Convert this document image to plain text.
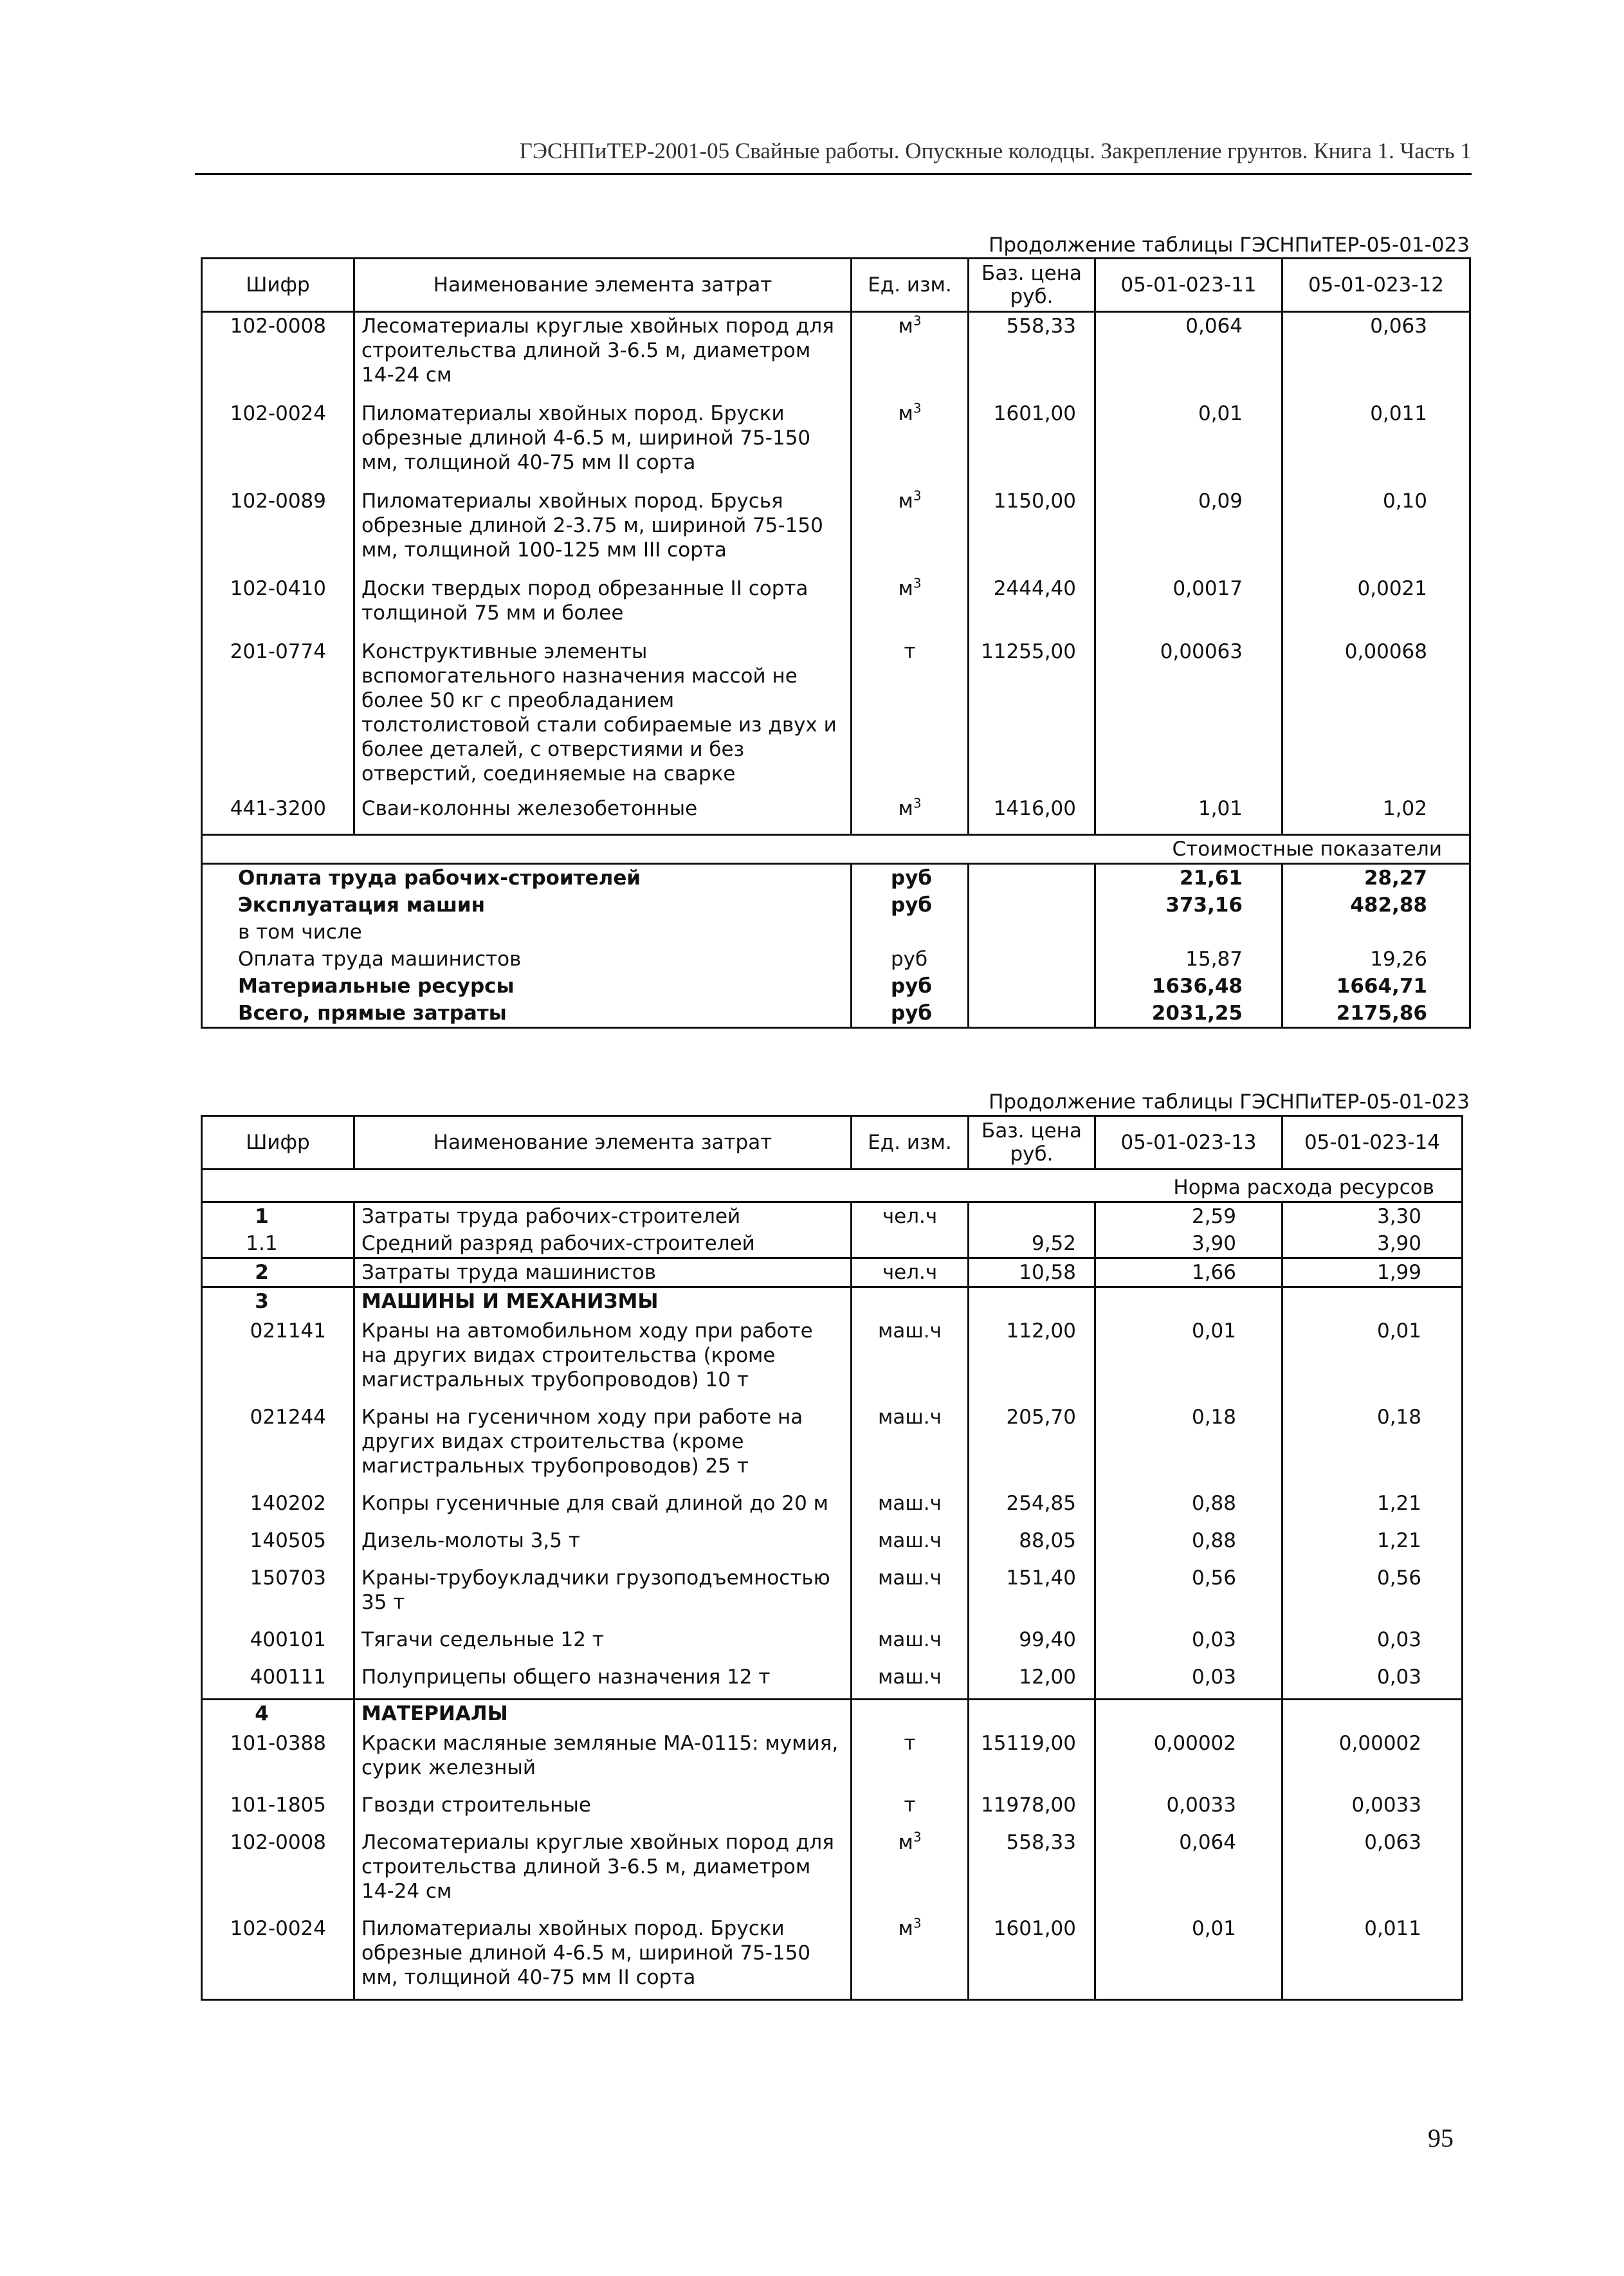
ГЭСНПиТЕР-2001-05 Свайные работы. Опускные колодцы. Закрепление грунтов. Книга 1. Часть 1
Продолжение таблицы ГЭСНПиТЕР-05-01-023
Шифр	Наименование элемента затрат	Ед. изм.	Баз. цена руб.	05-01-023-11	05-01-023-12
102-0008	Лесоматериалы круглые хвойных пород для строительства длиной 3-6.5 м, диаметром 14-24 см	$м^3$	558,33	0,064	0,063
102-0024	Пиломатериалы хвойных пород. Бруски обрезные длиной 4-6.5 м, шириной 75-150 мм, толщиной 40-75 мм II сорта	$м^3$	1601,00	0,01	0,011
102-0089	Пиломатериалы хвойных пород. Брусья обрезные длиной 2-3.75 м, шириной 75-150 мм, толщиной 100-125 мм III сорта	$м^3$	1150,00	0,09	0,10
102-0410	Доски твердых пород обрезанные II сорта толщиной 75 мм и более	$м^3$	2444,40	0,0017	0,0021
201-0774	Конструктивные элементы вспомогательного назначения массой не более 50 кг с преобладанием толстолистовой стали собираемые из двух и более деталей, с отверстиями и без отверстий, соединяемые на сварке	т	11255,00	0,00063	0,00068
441-3200	Сваи-колонны железобетонные	$м^3$	1416,00	1,01	1,02
Стоимостные показатели					
Оплата труда рабочих-строителей		руб		21,61	28,27
Эксплуатация машин		руб		373,16	482,88
в том числе					
Оплата труда машинистов		руб		15,87	19,26
Материальные ресурсы		руб		1636,48	1664,71
Всего, прямые затраты		руб		2031,25	2175,86
Продолжение таблицы ГЭСНПиТЕР-05-01-023
Шифр	Наименование элемента затрат	Ед. изм.	Баз. цена руб.	05-01-023-13	05-01-023-14
Норма расхода ресурсов					
1	Затраты труда рабочих-строителей	чел.ч		2,59	3,30
1.1	Средний разряд рабочих-строителей		9,52	3,90	3,90
2	Затраты труда машинистов	чел.ч	10,58	1,66	1,99
3	МАШИНЫ И МЕХАНИЗМЫ				
021141	Краны на автомобильном ходу при работе на других видах строительства (кроме магистральных трубопроводов) 10 т	маш.ч	112,00	0,01	0,01
021244	Краны на гусеничном ходу при работе на других видах строительства (кроме магистральных трубопроводов) 25 т	маш.ч	205,70	0,18	0,18
140202	Копры гусеничные для свай длиной до 20 м	маш.ч	254,85	0,88	1,21
140505	Дизель-молоты 3,5 т	маш.ч	88,05	0,88	1,21
150703	Краны-трубоукладчики грузоподъемностью 35 т	маш.ч	151,40	0,56	0,56
400101	Тягачи седельные 12 т	маш.ч	99,40	0,03	0,03
400111	Полуприцепы общего назначения 12 т	маш.ч	12,00	0,03	0,03
4	МАТЕРИАЛЫ				
101-0388	Краски масляные земляные МА-0115: мумия, сурик железный	т	15119,00	0,00002	0,00002
101-1805	Гвозди строительные	т	11978,00	0,0033	0,0033
102-0008	Лесоматериалы круглые хвойных пород для строительства длиной 3-6.5 м, диаметром 14-24 см	$м^3$	558,33	0,064	0,063
102-0024	Пиломатериалы хвойных пород. Бруски обрезные длиной 4-6.5 м, шириной 75-150 мм, толщиной 40-75 мм II сорта	$м^3$	1601,00	0,01	0,011
95
